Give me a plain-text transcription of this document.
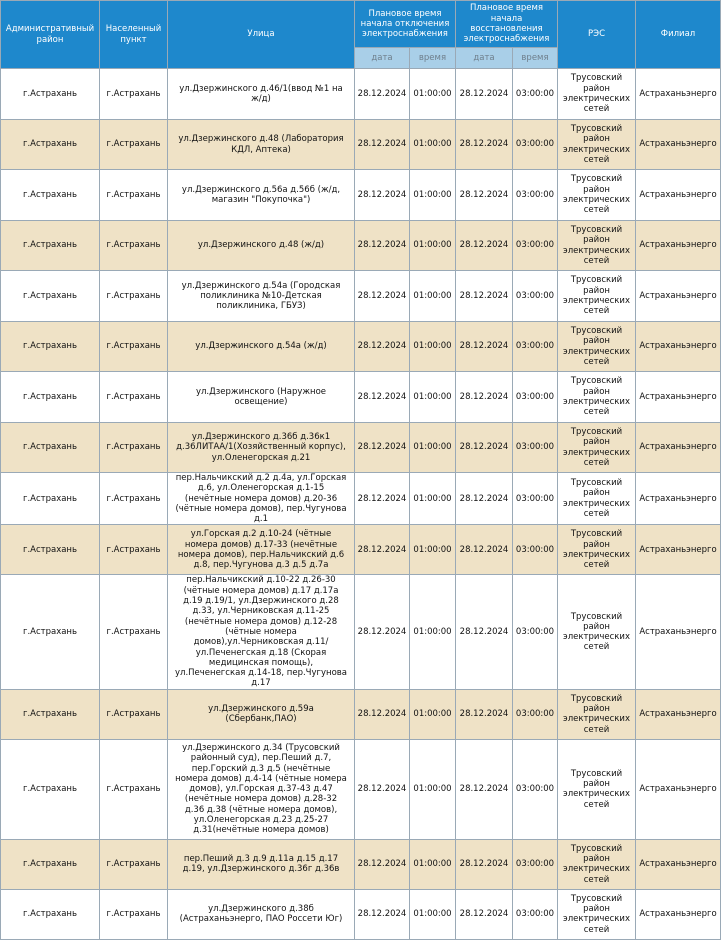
Административный район	Населенный пункт	Улица	Плановое время начала отключения электроснабжения		Плановое время начала восстановления электроснабжения		РЭС	Филиал
			дата	время	дата	время		
г.Астрахань	г.Астрахань	ул.Дзержинского д.46/1(ввод №1 на ж/д)	28.12.2024	01:00:00	28.12.2024	03:00:00	Трусовский район электрических сетей	Астраханьэнерго
г.Астрахань	г.Астрахань	ул.Дзержинского д.48 (Лаборатория КДЛ, Аптека)	28.12.2024	01:00:00	28.12.2024	03:00:00	Трусовский район электрических сетей	Астраханьэнерго
г.Астрахань	г.Астрахань	ул.Дзержинского д.56а д.56б (ж/д, магазин "Покупочка")	28.12.2024	01:00:00	28.12.2024	03:00:00	Трусовский район электрических сетей	Астраханьэнерго
г.Астрахань	г.Астрахань	ул.Дзержинского д.48 (ж/д)	28.12.2024	01:00:00	28.12.2024	03:00:00	Трусовский район электрических сетей	Астраханьэнерго
г.Астрахань	г.Астрахань	ул.Дзержинского д.54а (Городская поликлиника №10-Детская поликлиника, ГБУЗ)	28.12.2024	01:00:00	28.12.2024	03:00:00	Трусовский район электрических сетей	Астраханьэнерго
г.Астрахань	г.Астрахань	ул.Дзержинского д.54а (ж/д)	28.12.2024	01:00:00	28.12.2024	03:00:00	Трусовский район электрических сетей	Астраханьэнерго
г.Астрахань	г.Астрахань	ул.Дзержинского (Наружное освещение)	28.12.2024	01:00:00	28.12.2024	03:00:00	Трусовский район электрических сетей	Астраханьэнерго
г.Астрахань	г.Астрахань	ул.Дзержинского д.36б д.36к1 д.36ЛИТАА/1(Хозяйственный корпус), ул.Оленегорская д.21	28.12.2024	01:00:00	28.12.2024	03:00:00	Трусовский район электрических сетей	Астраханьэнерго
г.Астрахань	г.Астрахань	пер.Нальчикский д.2 д.4а, ул.Горская д.6, ул.Оленегорская д.1-15 (нечётные номера домов) д.20-36 (чётные номера домов), пер.Чугунова д.1	28.12.2024	01:00:00	28.12.2024	03:00:00	Трусовский район электрических сетей	Астраханьэнерго
г.Астрахань	г.Астрахань	ул.Горская д.2 д.10-24 (чётные номера домов) д.17-33 (нечётные номера домов), пер.Нальчикский д.6 д.8, пер.Чугунова д.3 д.5 д.7а	28.12.2024	01:00:00	28.12.2024	03:00:00	Трусовский район электрических сетей	Астраханьэнерго
г.Астрахань	г.Астрахань	пер.Нальчикский д.10-22 д.26-30 (чётные номера домов) д.17 д.17а д.19 д.19/1, ул.Дзержинского д.28 д.33, ул.Черниковская д.11-25 (нечётные номера домов) д.12-28 (чётные номера домов),ул.Черниковская д.11/ ул.Печенегская д.18 (Скорая медицинская помощь), ул.Печенегская д.14-18, пер.Чугунова д.17	28.12.2024	01:00:00	28.12.2024	03:00:00	Трусовский район электрических сетей	Астраханьэнерго
г.Астрахань	г.Астрахань	ул.Дзержинского д.59а (Сбербанк,ПАО)	28.12.2024	01:00:00	28.12.2024	03:00:00	Трусовский район электрических сетей	Астраханьэнерго
г.Астрахань	г.Астрахань	ул.Дзержинского д.34 (Трусовский районный суд), пер.Пеший д.7, пер.Горский д.3 д.5 (нечётные номера домов) д.4-14 (чётные номера домов), ул.Горская д.37-43 д.47 (нечётные номера домов) д.28-32 д.36 д.38 (чётные номера домов), ул.Оленегорская д.23 д.25-27 д.31(нечётные номера домов)	28.12.2024	01:00:00	28.12.2024	03:00:00	Трусовский район электрических сетей	Астраханьэнерго
г.Астрахань	г.Астрахань	пер.Пеший д.3 д.9 д.11а д.15 д.17 д.19, ул.Дзержинского д.36г д.36в	28.12.2024	01:00:00	28.12.2024	03:00:00	Трусовский район электрических сетей	Астраханьэнерго
г.Астрахань	г.Астрахань	ул.Дзержинского д.38б (Астраханьэнерго, ПАО Россети Юг)	28.12.2024	01:00:00	28.12.2024	03:00:00	Трусовский район электрических сетей	Астраханьэнерго
